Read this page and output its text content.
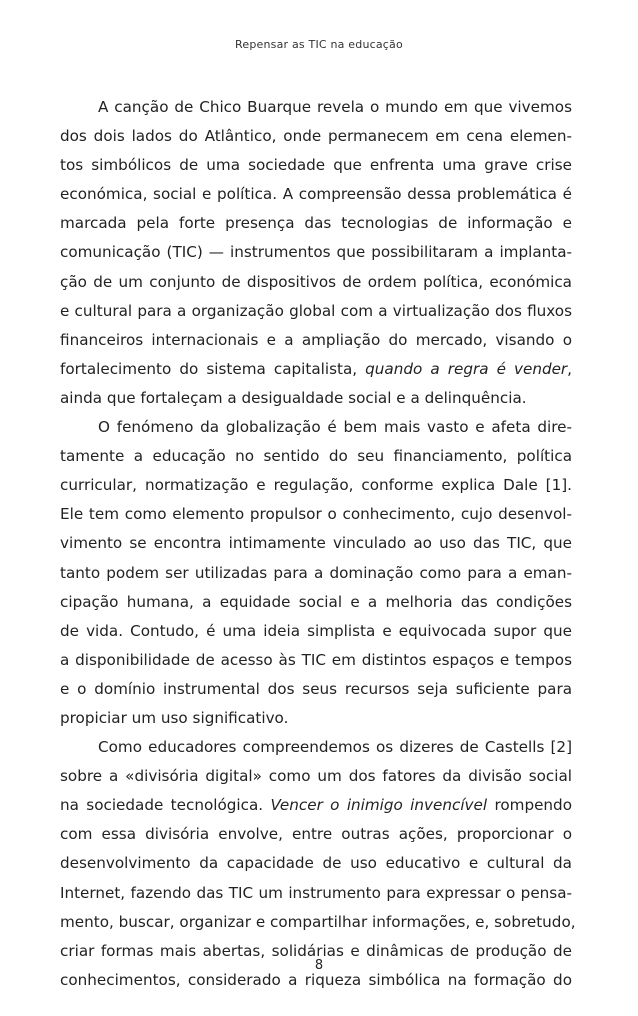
Repensar as TIC na educação
A canção de Chico Buarque revela o mundo em que vivemos
dos dois lados do Atlântico, onde permanecem em cena elemen-
tos simbólicos de uma sociedade que enfrenta uma grave crise
económica, social e política. A compreensão dessa problemática é
marcada pela forte presença das tecnologias de informação e
comunicação (TIC) — instrumentos que possibilitaram a implanta-
ção de um conjunto de dispositivos de ordem política, económica
e cultural para a organização global com a virtualização dos fluxos
financeiros internacionais e a ampliação do mercado, visando o
fortalecimento do sistema capitalista, quando a regra é vender,
ainda que fortaleçam a desigualdade social e a delinquência.
O fenómeno da globalização é bem mais vasto e afeta dire-
tamente a educação no sentido do seu financiamento, política
curricular, normatização e regulação, conforme explica Dale [1].
Ele tem como elemento propulsor o conhecimento, cujo desenvol-
vimento se encontra intimamente vinculado ao uso das TIC, que
tanto podem ser utilizadas para a dominação como para a eman-
cipação humana, a equidade social e a melhoria das condições
de vida. Contudo, é uma ideia simplista e equivocada supor que
a disponibilidade de acesso às TIC em distintos espaços e tempos
e o domínio instrumental dos seus recursos seja suficiente para
propiciar um uso significativo.
Como educadores compreendemos os dizeres de Castells [2]
sobre a «divisória digital» como um dos fatores da divisão social
na sociedade tecnológica. Vencer o inimigo invencível rompendo
com essa divisória envolve, entre outras ações, proporcionar o
desenvolvimento da capacidade de uso educativo e cultural da
Internet, fazendo das TIC um instrumento para expressar o pensa-
mento, buscar, organizar e compartilhar informações, e, sobretudo,
criar formas mais abertas, solidárias e dinâmicas de produção de
conhecimentos, considerado a riqueza simbólica na formação do
8
